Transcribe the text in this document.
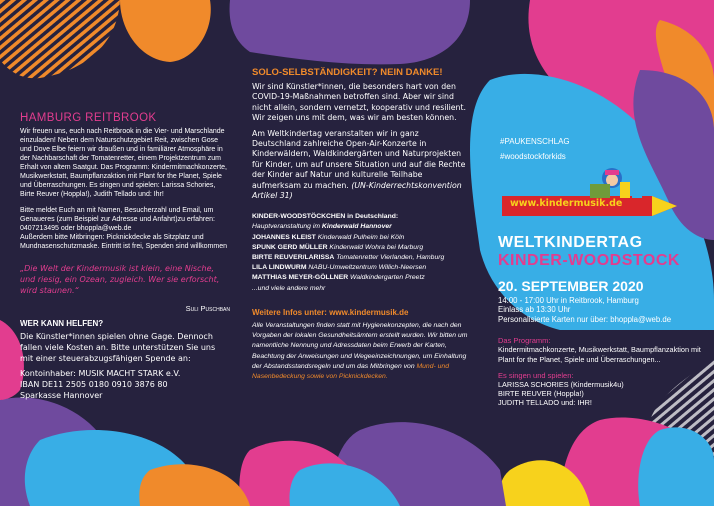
HAMBURG REITBROOK

Wir freuen uns, euch nach Reitbrook in die Vier- und Marschlande einzuladen! Neben dem Naturschutzgebiet Reit, zwischen Gose und Dove Elbe feiern wir draußen und in familiärer Atmosphäre in der Nachbarschaft der Tomatenretter, einem Projektzentrum zum Erhalt von altem Saatgut. Das Programm: Kindermitmachkonzerte, Musikwerkstatt, Baumpflanzaktion mit Plant for the Planet, Spiele und Überraschungen. Es singen und spielen: Larissa Schories, Birte Reuver (Hoppla!), Judith Tellado und: Ihr!

Bitte meldet Euch an mit Namen, Besucherzahl und Email, um Genaueres (zum Beispiel zur Adresse und Anfahrt)zu erfahren: 0407213495 oder bhoppla@web.de

Außerdem bitte Mitbringen: Picknickdecke als Sitzplatz und Mundnasenschutzmaske. Eintritt ist frei, Spenden sind willkommen

„Die Welt der Kindermusik ist klein, eine Nische, und riesig, ein Ozean, zugleich. Wer sie erforscht, wird staunen.“

Suli Puschban
WER KANN HELFEN?

Die Künstler*innen spielen ohne Gage. Dennoch fallen viele Kosten an. Bitte unterstützen Sie uns mit einer steuerabzugsfähigen Spende an:

Kontoinhaber: MUSIK MACHT STARK e.V.
IBAN DE11 2505 0180 0910 3876 80
Sparkasse Hannover
SOLO-SELBSTÄNDIGKEIT? NEIN DANKE!

Wir sind Künstler*innen, die besonders hart von den COVID-19-Maßnahmen betroffen sind. Aber wir sind nicht allein, sondern vernetzt, kooperativ und resilient. Wir zeigen uns mit dem, was wir am besten können.

Am Weltkindertag veranstalten wir in ganz Deutschland zahlreiche Open-Air-Konzerte in Kinderwäldern, Waldkindergärten und Naturprojekten für Kinder, um auf unsere Situation und auf die Rechte der Kinder auf Natur und kulturelle Teilhabe aufmerksam zu machen. (UN-Kinderrechtskonvention Artikel 31)

KINDER-WOODSTÖCKCHEN in Deutschland:
Hauptveranstaltung im Kinderwald Hannover
JOHANNES KLEIST Kinderwald Pulheim bei Köln
SPUNK GERD MÜLLER Kinderwald Wohra bei Marburg
BIRTE REUVER/LARISSA Tomatenretter Vierlanden, Hamburg
LILA LINDWURM NABU-Umweltzentrum Willich-Neersen
MATTHIAS MEYER-GÖLLNER Waldkindergarten Preetz
...und viele andere mehr
Weitere Infos unter: www.kindermusik.de

Alle Veranstaltungen finden statt mit Hygienekonzepten, die nach den Vorgaben der lokalen Gesundheitsämtern erstellt wurden. Wir bitten um namentliche Nennung und Adressdaten beim Erwerb der Karten, Beachtung der Anweisungen und Wegeeinzeichnungen, um Einhaltung der Abstandsstandsregeln und um das Mitbringen von Mund- und Nasenbedeckung sowie von Picknickdecken.

#PAUKENSCHLAG
#woodstockforkids
www.kindermusik.de
WELTKINDERTAG
KINDER-WOODSTOCK
20. SEPTEMBER 2020
14:00 - 17:00 Uhr in Reitbrook, Hamburg
Einlass ab 13:30 Uhr
Personalisierte Karten nur über: bhoppla@web.de
Das Programm:

Kindermitmachkonzerte, Musikwerkstatt, Baumpflanzaktion mit Plant for the Planet, Spiele und Überraschungen...

Es singen und spielen:
LARISSA SCHORIES (Kindermusik4u)
BIRTE REUVER (Hoppla!)
JUDITH TELLADO und: IHR!
